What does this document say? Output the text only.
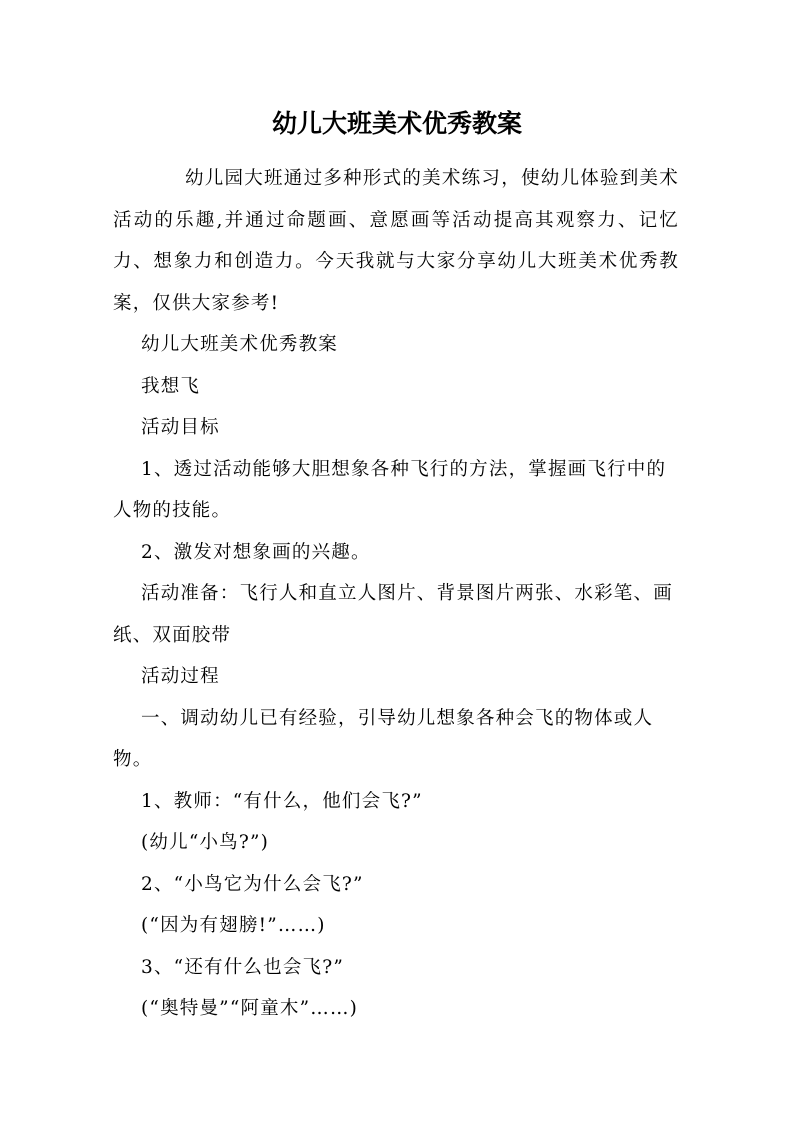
幼儿大班美术优秀教案

幼儿园大班通过多种形式的美术练习，使幼儿体验到美术活动的乐趣,并通过命题画、意愿画等活动提高其观察力、记忆力、想象力和创造力。今天我就与大家分享幼儿大班美术优秀教案，仅供大家参考!

幼儿大班美术优秀教案

我想飞

活动目标

1、透过活动能够大胆想象各种飞行的方法，掌握画飞行中的人物的技能。

2、激发对想象画的兴趣。

活动准备：飞行人和直立人图片、背景图片两张、水彩笔、画纸、双面胶带

活动过程

一、调动幼儿已有经验，引导幼儿想象各种会飞的物体或人物。

1、教师：“有什么，他们会飞?”

(幼儿“小鸟?”)

2、“小鸟它为什么会飞?”

(“因为有翅膀!”……)

3、“还有什么也会飞?”

(“奥特曼”“阿童木”……)
